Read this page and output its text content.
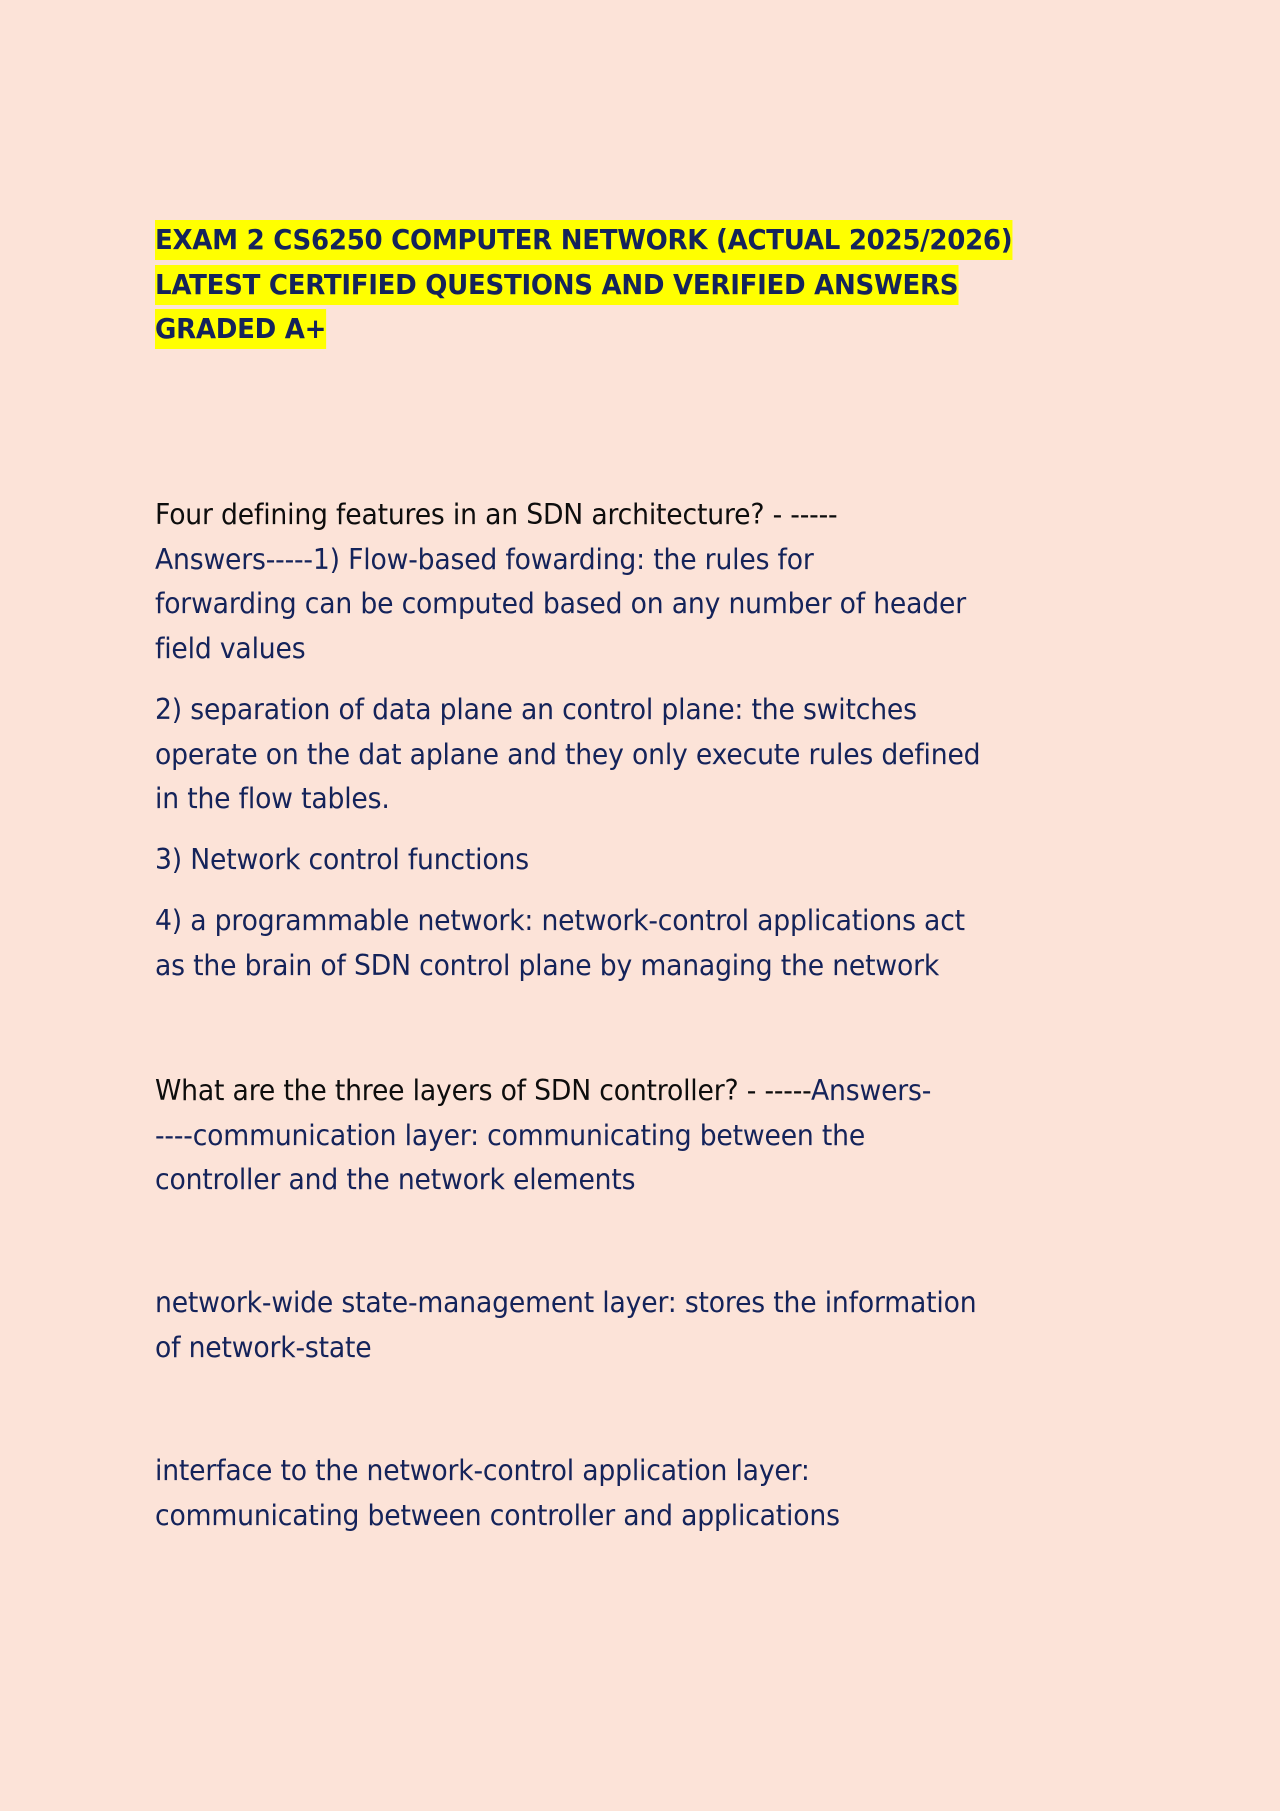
EXAM 2 CS6250 COMPUTER NETWORK (ACTUAL 2025/2026)
LATEST CERTIFIED QUESTIONS AND VERIFIED ANSWERS
GRADED A+
Four defining features in an SDN architecture? - -----
Answers-----1) Flow-based fowarding: the rules for
forwarding can be computed based on any number of header
field values
2) separation of data plane an control plane: the switches
operate on the dat aplane and they only execute rules defined
in the flow tables.
3) Network control functions
4) a programmable network: network-control applications act
as the brain of SDN control plane by managing the network
What are the three layers of SDN controller? - -----Answers-
----communication layer: communicating between the
controller and the network elements
network-wide state-management layer: stores the information
of network-state
interface to the network-control application layer:
communicating between controller and applications
